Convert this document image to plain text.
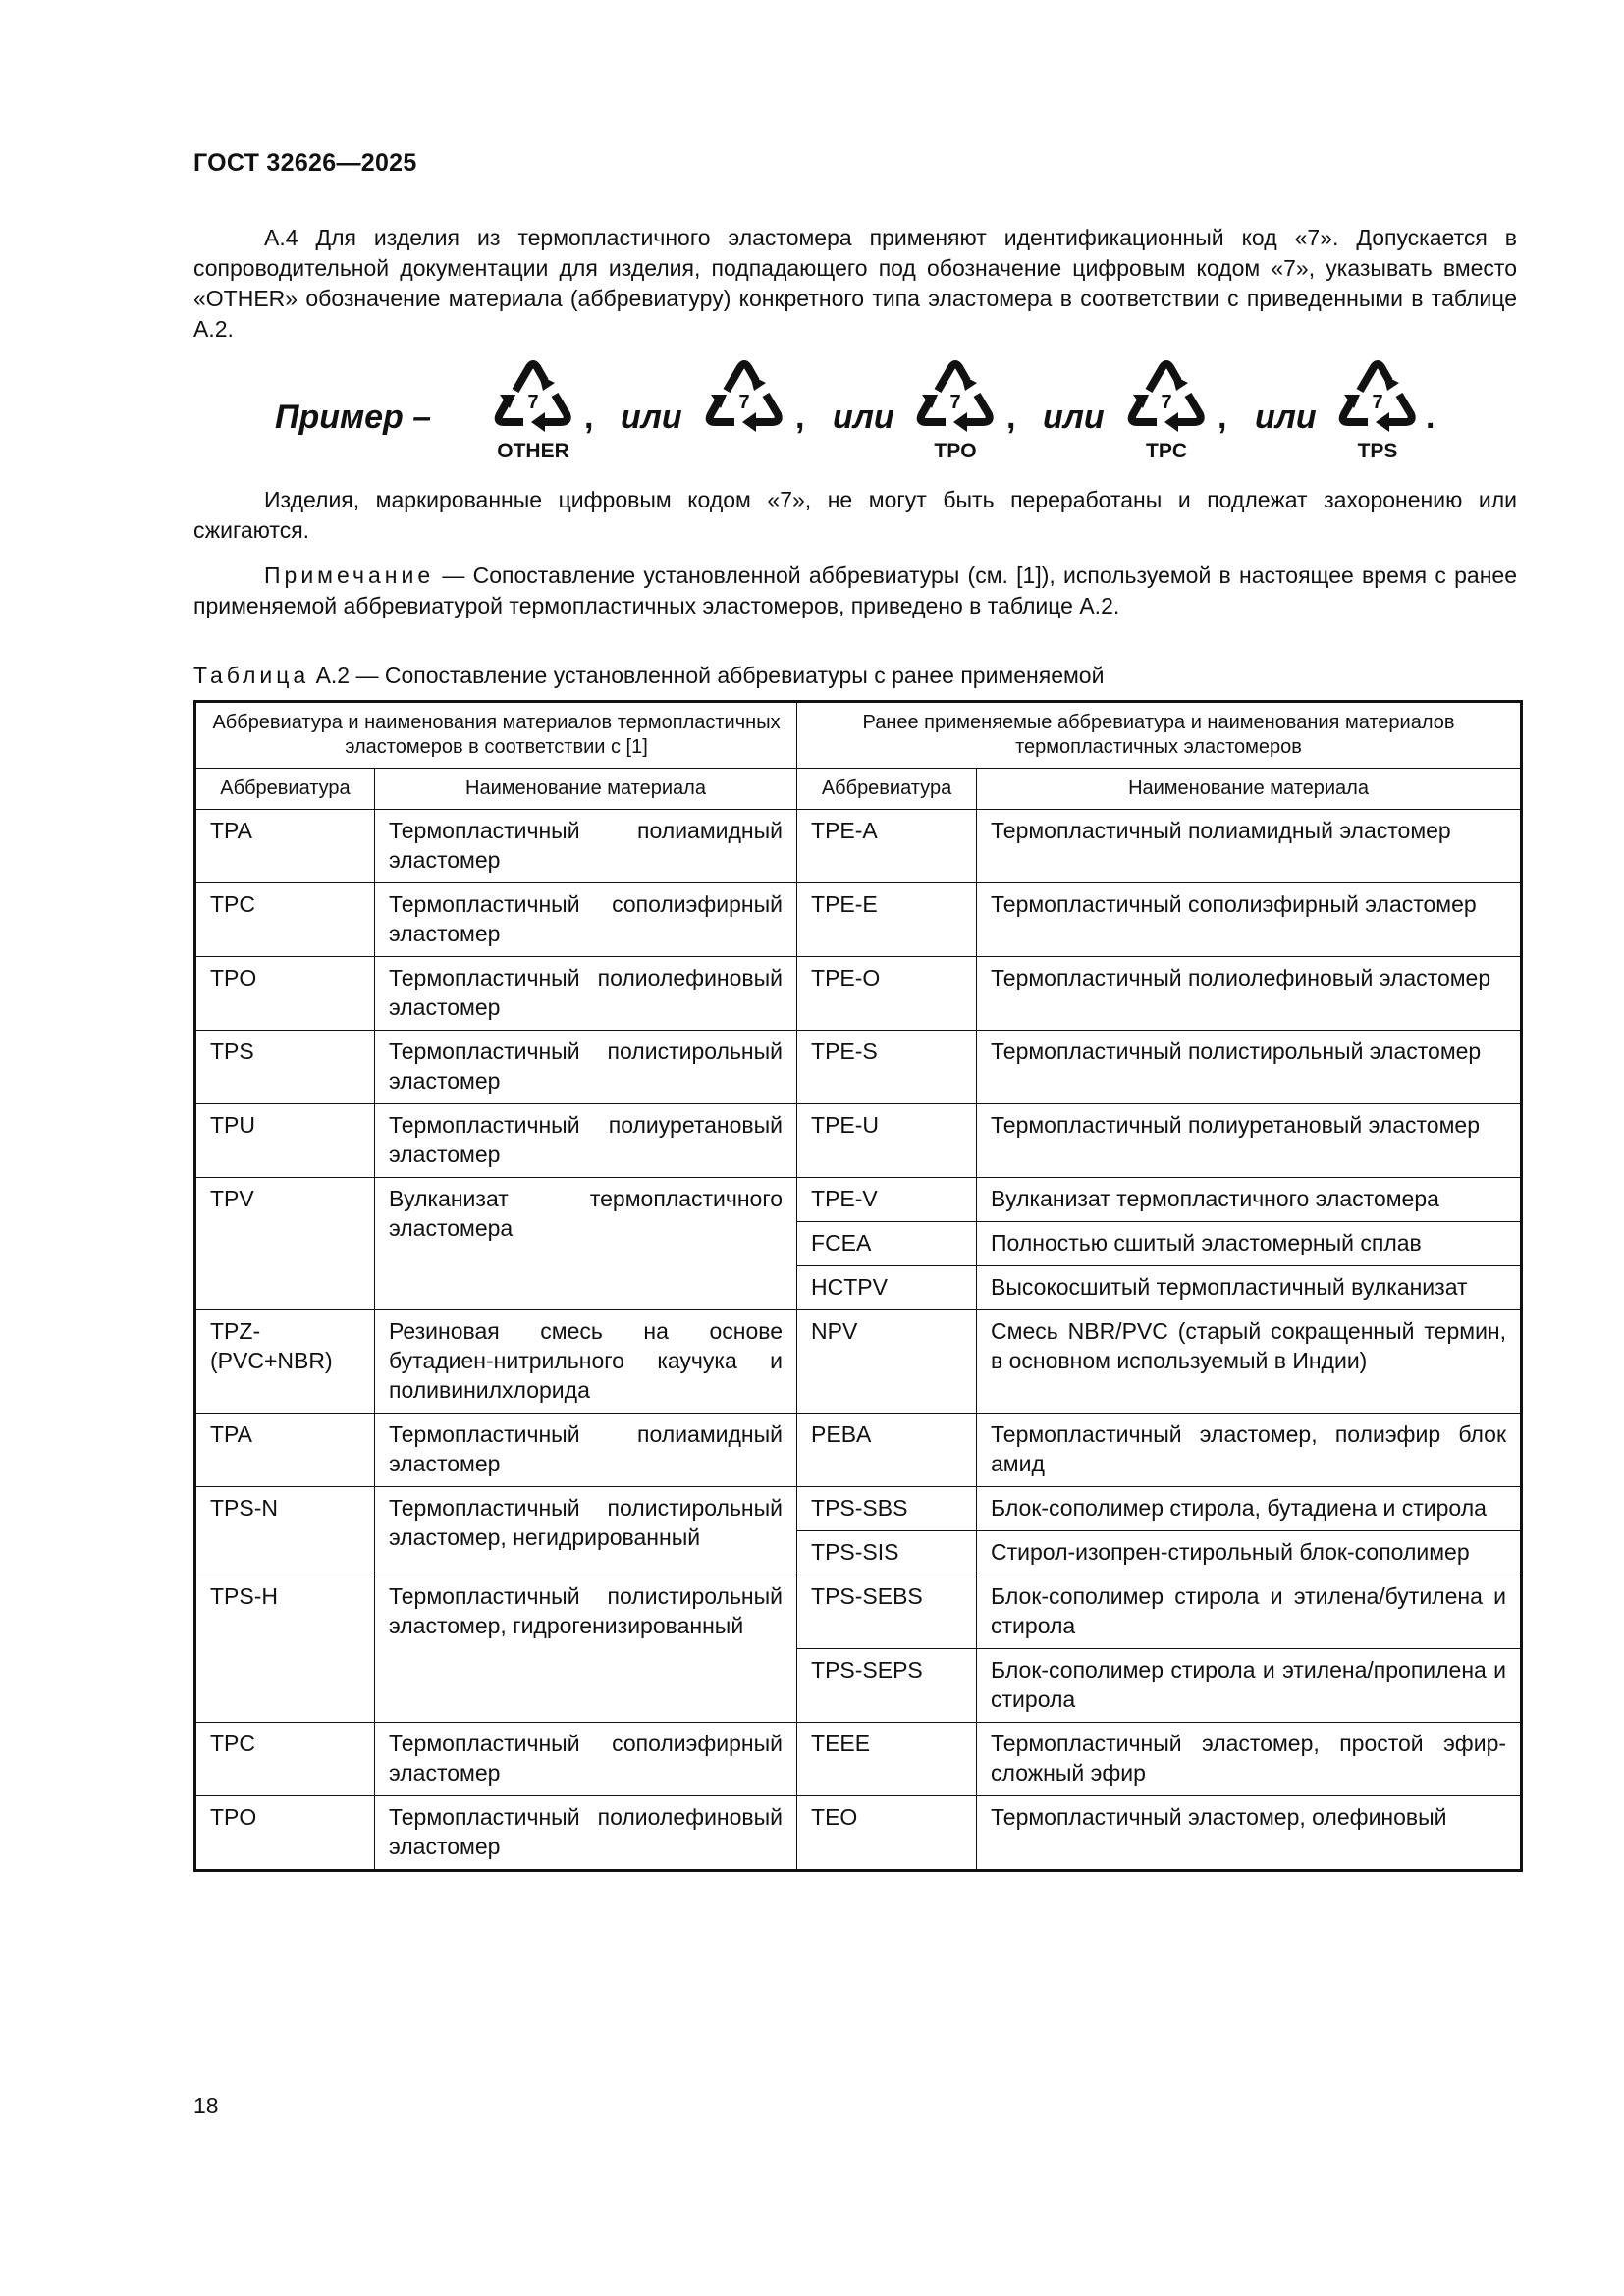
ГОСТ 32626—2025
А.4 Для изделия из термопластичного эластомера применяют идентификационный код «7». Допускается в сопроводительной документации для изделия, подпадающего под обозначение цифровым кодом «7», указывать вместо «OTHER» обозначение материала (аббревиатуру) конкретного типа эластомера в соответствии с приведенными в таблице А.2.
Пример –	7
OTHER
, или	7 , или	7
TPO
, или	7
TPC
, или	7
TPS
.
Изделия, маркированные цифровым кодом «7», не могут быть переработаны и подлежат захоронению или сжигаются.
Примечание — Сопоставление установленной аббревиатуры (см. [1]), используемой в настоящее время с ранее применяемой аббревиатурой термопластичных эластомеров, приведено в таблице А.2.
Таблица А.2 — Сопоставление установленной аббревиатуры с ранее применяемой
Аббревиатура и наименования материалов термопластичных эластомеров в соответствии с [1]		Ранее применяемые аббревиатура и наименования материалов термопластичных эластомеров	
Аббревиатура	Наименование материала	Аббревиатура	Наименование материала
TPA	Термопластичный полиамидный эластомер	TPE-A	Термопластичный полиамидный эластомер
TPC	Термопластичный сополиэфирный эластомер	TPE-E	Термопластичный сополиэфирный эластомер
TPO	Термопластичный полиолефиновый эластомер	TPE-O	Термопластичный полиолефиновый эластомер
TPS	Термопластичный полистирольный эластомер	TPE-S	Термопластичный полистирольный эластомер
TPU	Термопластичный полиуретановый эластомер	TPE-U	Термопластичный полиуретановый эластомер
TPV	Вулканизат термопластичного эластомера	TPE-V	Вулканизат термопластичного эластомера
		FCEA	Полностью сшитый эластомерный сплав
		HCTPV	Высокосшитый термопластичный вулканизат
TPZ-(PVC+NBR)	Резиновая смесь на основе бутадиен-нитрильного каучука и поливинилхлорида	NPV	Смесь NBR/PVC (старый сокращенный термин, в основном используемый в Индии)
TPA	Термопластичный полиамидный эластомер	PEBA	Термопластичный эластомер, полиэфир блок амид
TPS-N	Термопластичный полистирольный эластомер, негидрированный	TPS-SBS	Блок-сополимер стирола, бутадиена и стирола
		TPS-SIS	Стирол-изопрен-стирольный блок-сополимер
TPS-H	Термопластичный полистирольный эластомер, гидрогенизированный	TPS-SEBS	Блок-сополимер стирола и этилена/бутилена и стирола
		TPS-SEPS	Блок-сополимер стирола и этилена/пропилена и стирола
TPC	Термопластичный сополиэфирный эластомер	TEEE	Термопластичный эластомер, простой эфир-сложный эфир
TPO	Термопластичный полиолефиновый эластомер	TEO	Термопластичный эластомер, олефиновый
18
